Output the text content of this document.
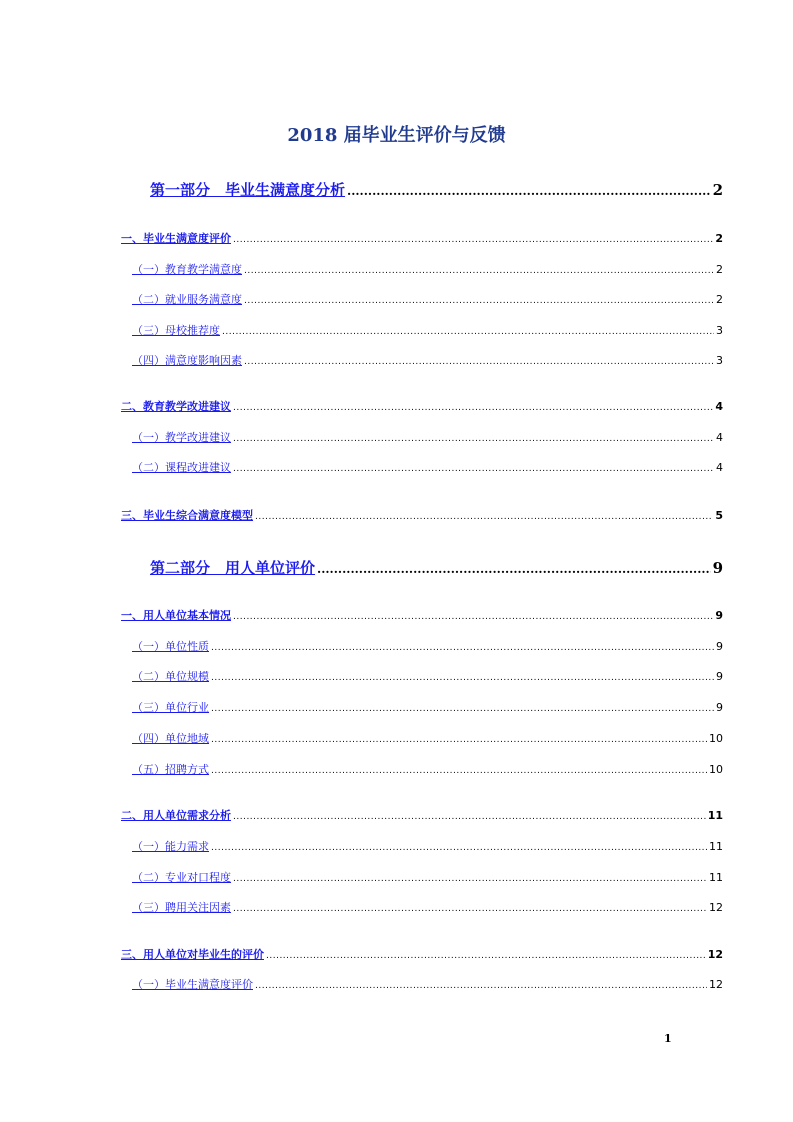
2018 届毕业生评价与反馈
第一部分　毕业生满意度分析 .....	2
一、毕业生满意度评价 .....	2
（一）教育教学满意度 .....	2
（二）就业服务满意度 .....	2
（三）母校推荐度 .....	3
（四）满意度影响因素 .....	3
二、教育教学改进建议 .....	4
（一）教学改进建议 .....	4
（二）课程改进建议 .....	4
三、毕业生综合满意度模型 .....	5
第二部分　用人单位评价 .....	9
一、用人单位基本情况 .....	9
（一）单位性质 .....	9
（二）单位规模 .....	9
（三）单位行业 .....	9
（四）单位地域 .....	10
（五）招聘方式 .....	10
二、用人单位需求分析 .....	11
（一）能力需求 .....	11
（二）专业对口程度 .....	11
（三）聘用关注因素 .....	12
三、用人单位对毕业生的评价 .....	12
（一）毕业生满意度评价 .....	12
1
